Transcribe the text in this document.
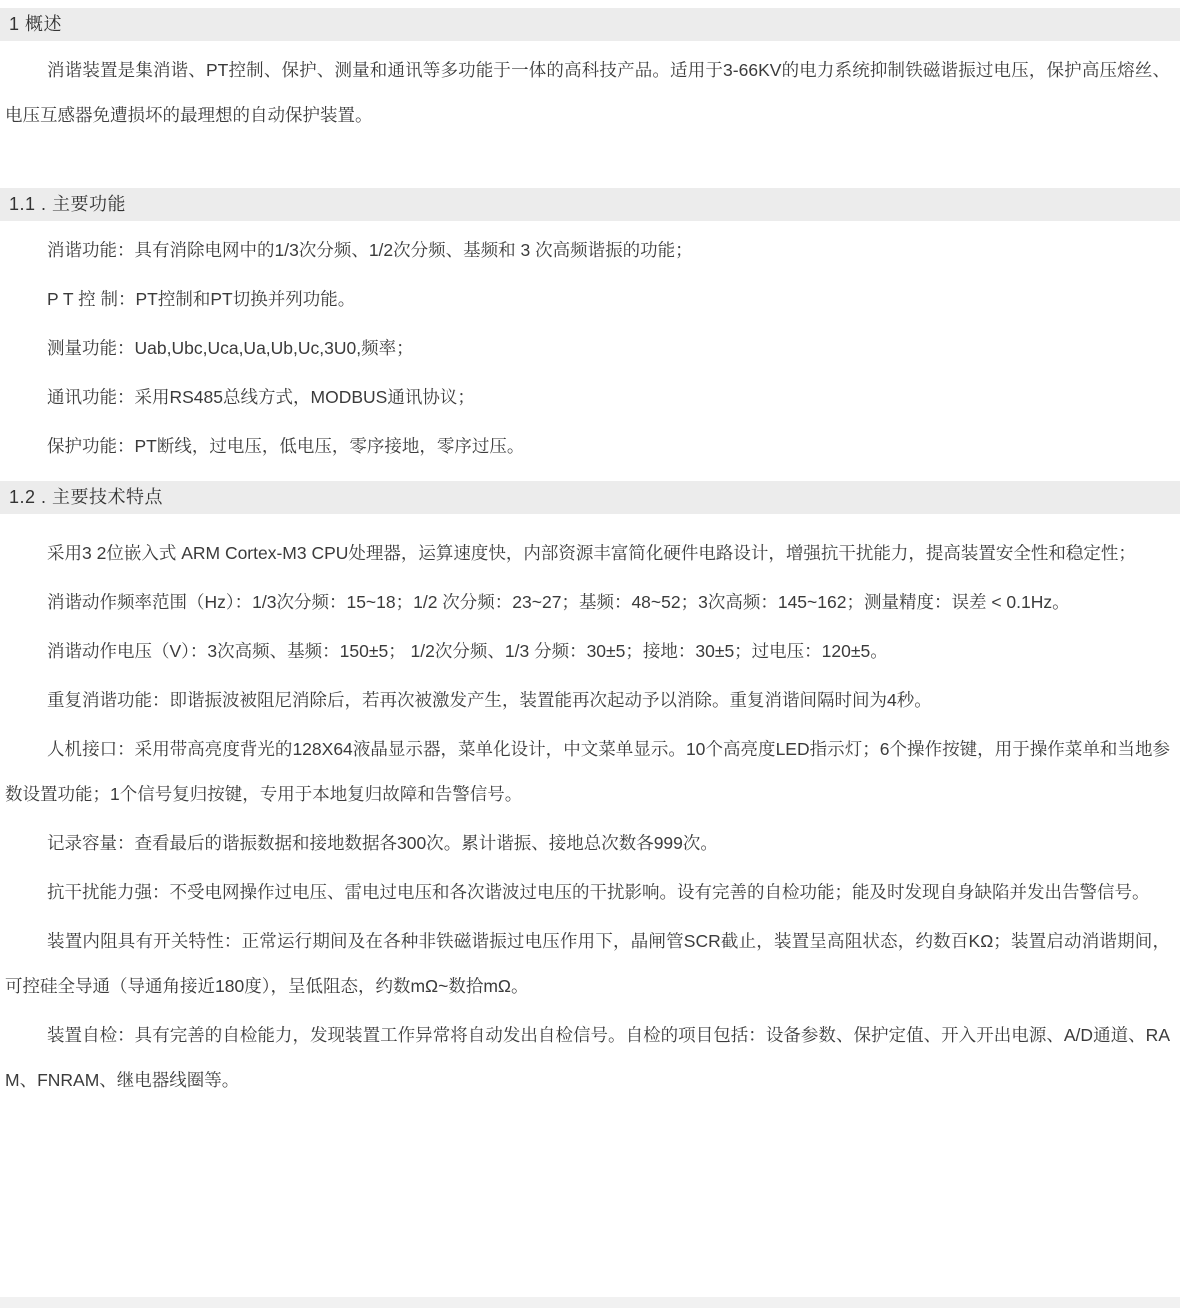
1 概述

消谐装置是集消谐、PT控制、保护、测量和通讯等多功能于一体的高科技产品。适用于3-66KV的电力系统抑制铁磁谐振过电压，保护高压熔丝、电压互感器免遭损坏的最理想的自动保护装置。

1.1 . 主要功能

消谐功能：具有消除电网中的1/3次分频、1/2次分频、基频和 3 次高频谐振的功能；

P T 控 制：PT控制和PT切换并列功能。

测量功能：Uab,Ubc,Uca,Ua,Ub,Uc,3U0,频率；

通讯功能：采用RS485总线方式，MODBUS通讯协议；

保护功能：PT断线，过电压，低电压，零序接地，零序过压。

1.2 . 主要技术特点

采用3 2位嵌入式 ARM Cortex-M3 CPU处理器，运算速度快，内部资源丰富简化硬件电路设计，增强抗干扰能力，提高装置安全性和稳定性；

消谐动作频率范围（Hz）：1/3次分频：15~18；1/2 次分频：23~27；基频：48~52；3次高频：145~162；测量精度：误差 < 0.1Hz。

消谐动作电压（V）：3次高频、基频：150±5； 1/2次分频、1/3 分频：30±5；接地：30±5；过电压：120±5。

重复消谐功能：即谐振波被阻尼消除后，若再次被激发产生，装置能再次起动予以消除。重复消谐间隔时间为4秒。

人机接口：采用带高亮度背光的128X64液晶显示器，菜单化设计，中文菜单显示。10个高亮度LED指示灯；6个操作按键，用于操作菜单和当地参数设置功能；1个信号复归按键，专用于本地复归故障和告警信号。

记录容量：查看最后的谐振数据和接地数据各300次。累计谐振、接地总次数各999次。

抗干扰能力强：不受电网操作过电压、雷电过电压和各次谐波过电压的干扰影响。设有完善的自检功能；能及时发现自身缺陷并发出告警信号。

装置内阻具有开关特性：正常运行期间及在各种非铁磁谐振过电压作用下，晶闸管SCR截止，装置呈高阻状态，约数百KΩ；装置启动消谐期间，可控硅全导通（导通角接近180度），呈低阻态，约数mΩ~数拾mΩ。

装置自检：具有完善的自检能力，发现装置工作异常将自动发出自检信号。自检的项目包括：设备参数、保护定值、开入开出电源、A/D通道、RAM、FNRAM、继电器线圈等。
